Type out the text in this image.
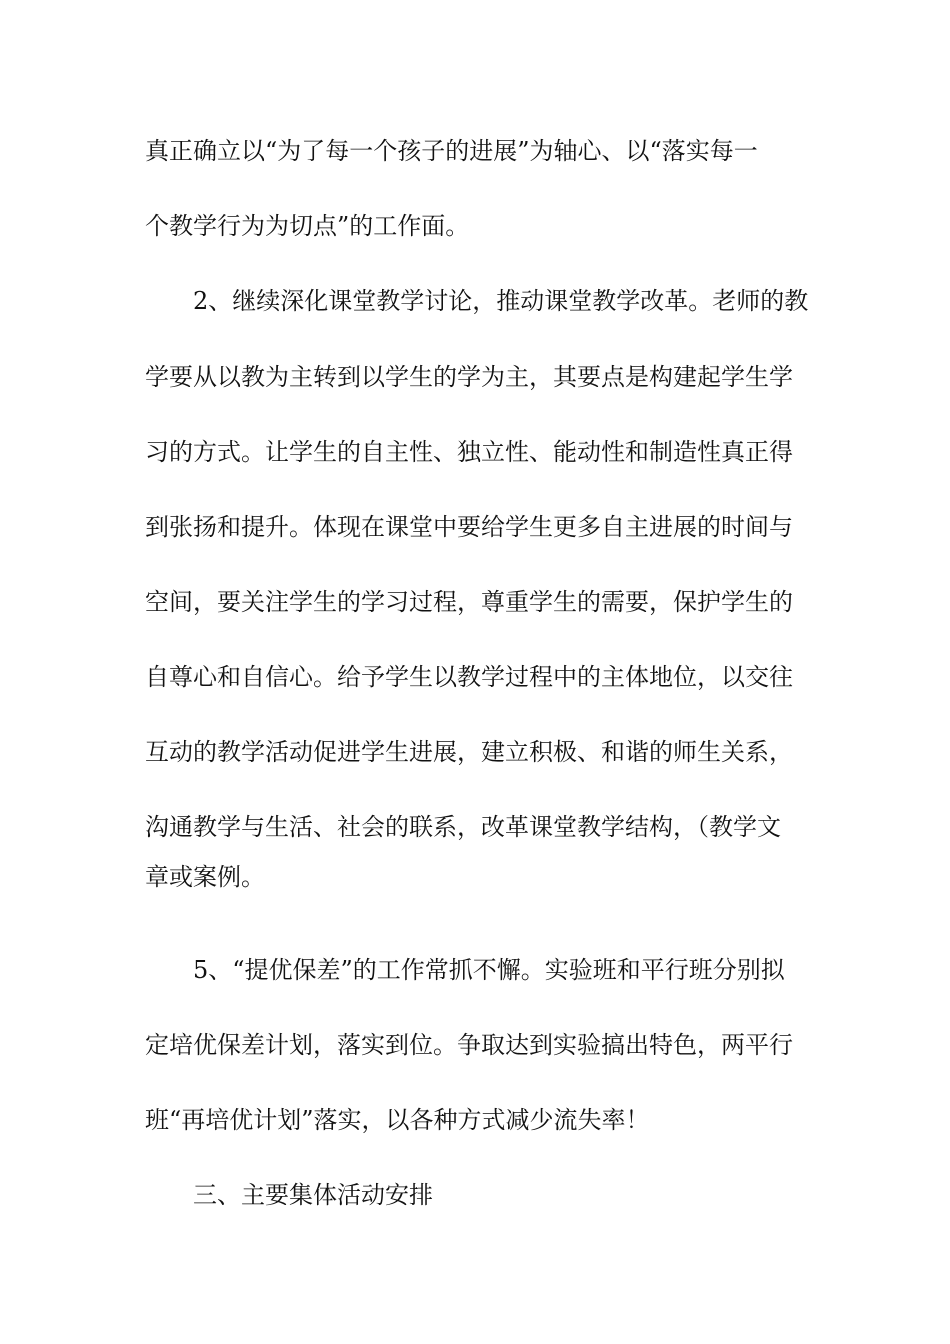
真正确立以“为了每一个孩子的进展”为轴心、以“落实每一
个教学行为为切点”的工作面。
2、继续深化课堂教学讨论，推动课堂教学改革。老师的教
学要从以教为主转到以学生的学为主，其要点是构建起学生学
习的方式。让学生的自主性、独立性、能动性和制造性真正得
到张扬和提升。体现在课堂中要给学生更多自主进展的时间与
空间，要关注学生的学习过程，尊重学生的需要，保护学生的
自尊心和自信心。给予学生以教学过程中的主体地位，以交往
互动的教学活动促进学生进展，建立积极、和谐的师生关系，
沟通教学与生活、社会的联系，改革课堂教学结构，（教学文
章或案例。
5、“提优保差”的工作常抓不懈。实验班和平行班分别拟
定培优保差计划，落实到位。争取达到实验搞出特色，两平行
班“再培优计划”落实，以各种方式减少流失率！
三、主要集体活动安排
